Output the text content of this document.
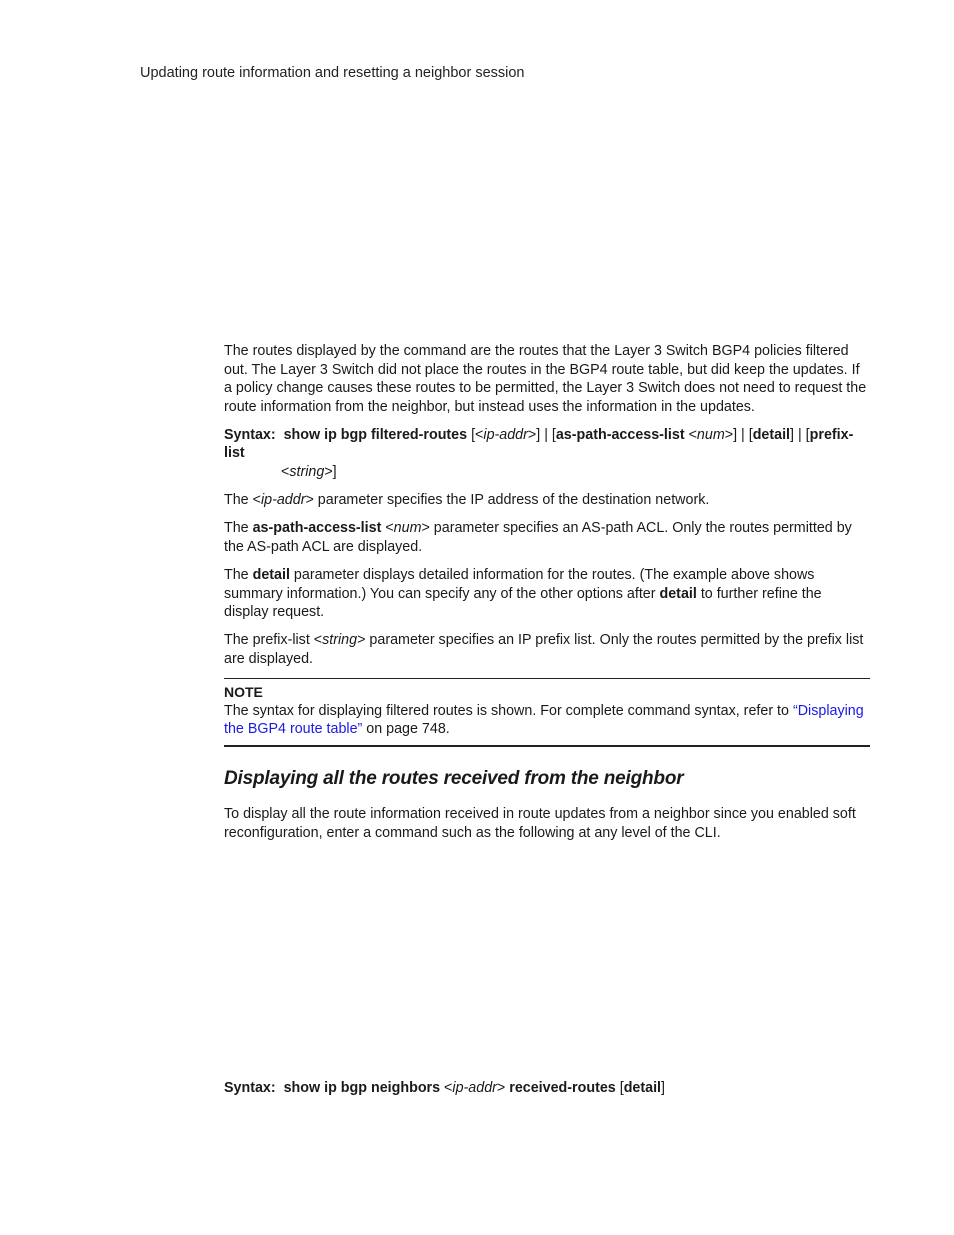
Updating route information and resetting a neighbor session

The routes displayed by the command are the routes that the Layer 3 Switch BGP4 policies filtered out. The Layer 3 Switch did not place the routes in the BGP4 route table, but did keep the updates. If a policy change causes these routes to be permitted, the Layer 3 Switch does not need to request the route information from the neighbor, but instead uses the information in the updates.

Syntax: show ip bgp filtered-routes [<ip-addr>] | [as-path-access-list <num>] | [detail] | [prefix-list
<string>]

The <ip-addr> parameter specifies the IP address of the destination network.

The as-path-access-list <num> parameter specifies an AS-path ACL. Only the routes permitted by the AS-path ACL are displayed.

The detail parameter displays detailed information for the routes. (The example above shows summary information.) You can specify any of the other options after detail to further refine the display request.

The prefix-list <string> parameter specifies an IP prefix list. Only the routes permitted by the prefix list are displayed.

NOTE
The syntax for displaying filtered routes is shown. For complete command syntax, refer to “Displaying the BGP4 route table” on page 748.
Displaying all the routes received from the neighbor

To display all the route information received in route updates from a neighbor since you enabled soft reconfiguration, enter a command such as the following at any level of the CLI.

Syntax: show ip bgp neighbors <ip-addr> received-routes [detail]
